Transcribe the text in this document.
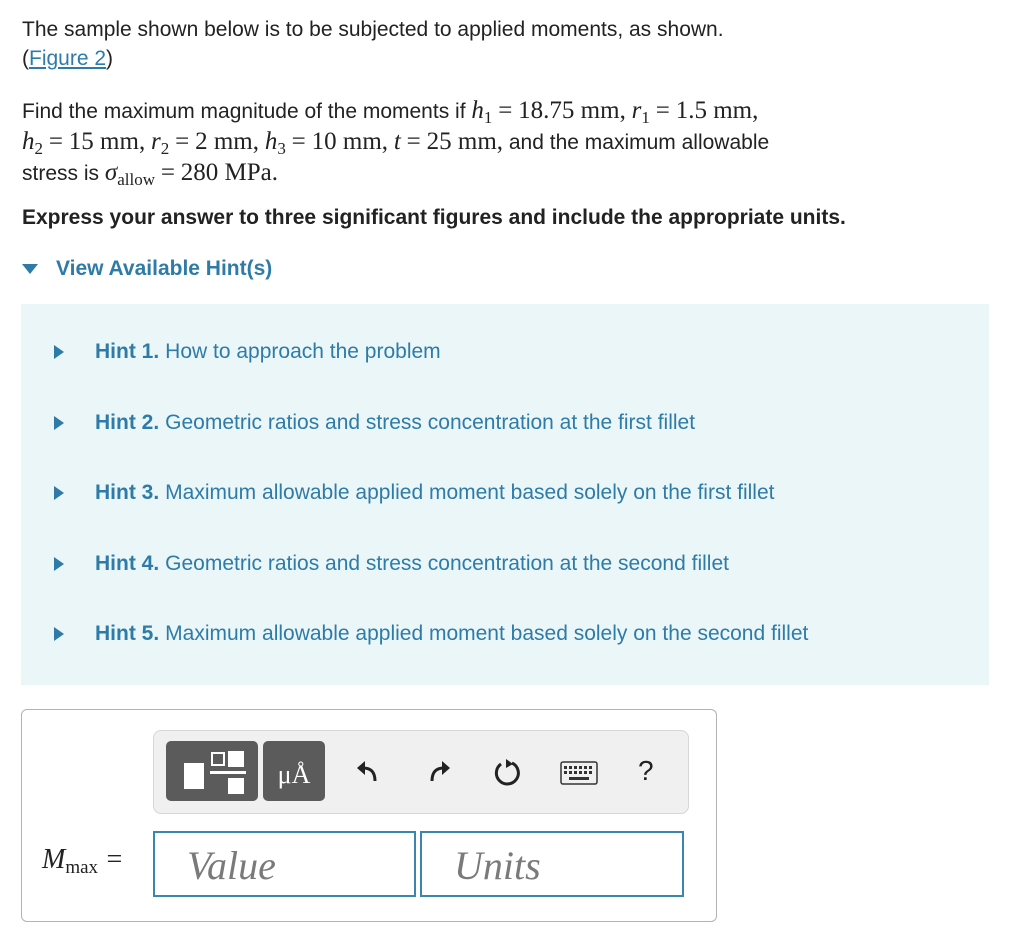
The sample shown below is to be subjected to applied moments, as shown.
(Figure 2)
Find the maximum magnitude of the moments if $h_1 = 18.75$ mm, $r_1 = 1.5$ mm,
$h_2 = 15$ mm, $r_2 = 2$ mm, $h_3 = 10$ mm, t = 25 mm, and the maximum allowable
stress is $\sigma_{allow} = 280$ MPa.
Express your answer to three significant figures and include the appropriate units.
View Available Hint(s)
Hint 1. How to approach the problem
Hint 2. Geometric ratios and stress concentration at the first fillet
Hint 3. Maximum allowable applied moment based solely on the first fillet
Hint 4. Geometric ratios and stress concentration at the second fillet
Hint 5. Maximum allowable applied moment based solely on the second fillet
μÅ	?
Mmax =	Value	Units
